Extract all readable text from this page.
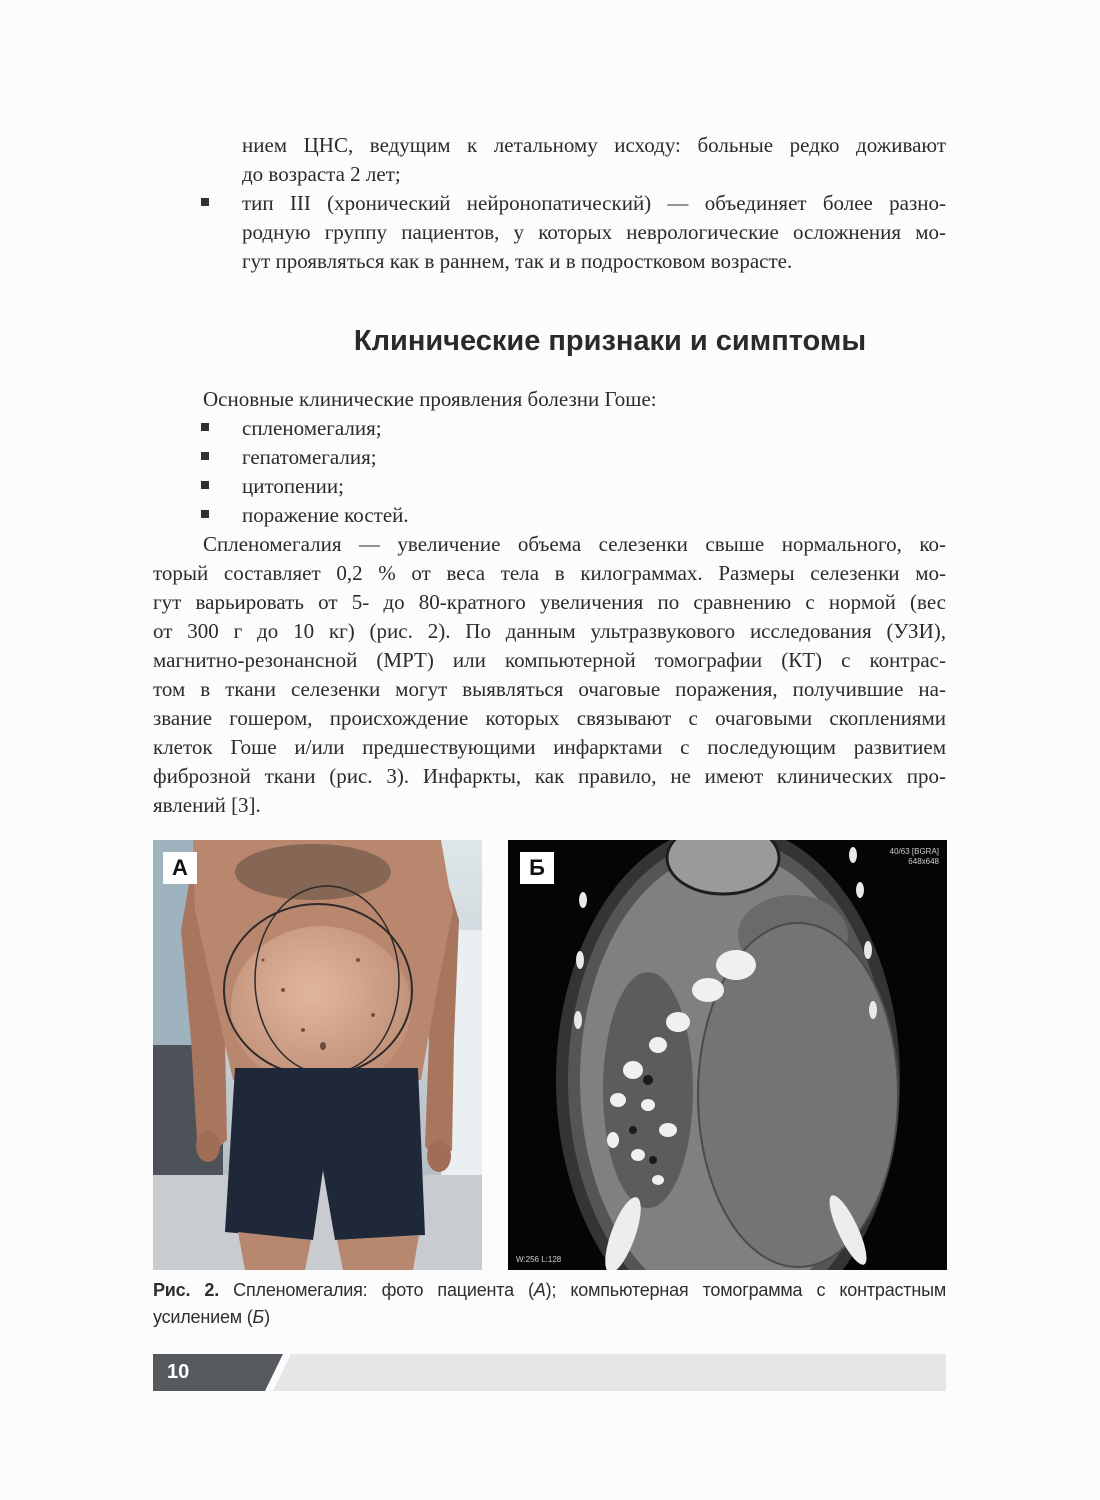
нием ЦНС, ведущим к летальному исходу: больные редко доживают
до возраста 2 лет;
тип III (хронический нейронопатический) — объединяет более разно-
родную группу пациентов, у которых неврологические осложнения мо-
гут проявляться как в раннем, так и в подростковом возрасте.
Клинические признаки и симптомы
Основные клинические проявления болезни Гоше:
спленомегалия;
гепатомегалия;
цитопении;
поражение костей.
Спленомегалия — увеличение объема селезенки свыше нормального, ко-
торый составляет 0,2 % от веса тела в килограммах. Размеры селезенки мо-
гут варьировать от 5- до 80-кратного увеличения по сравнению с нормой (вес
от 300 г до 10 кг) (рис. 2). По данным ультразвукового исследования (УЗИ),
магнитно-резонансной (МРТ) или компьютерной томографии (КТ) с контрас-
том в ткани селезенки могут выявляться очаговые поражения, получившие на-
звание гошером, происхождение которых связывают с очаговыми скоплениями
клеток Гоше и/или предшествующими инфарктами с последующим развитием
фиброзной ткани (рис. 3). Инфаркты, как правило, не имеют клинических про-
явлений [3].
А	Б
40/63 [BGRA]
648x648
W:256 L:128
Рис. 2. Спленомегалия: фото пациента (А); компьютерная томограмма с контрастным
усилением (Б)
10
